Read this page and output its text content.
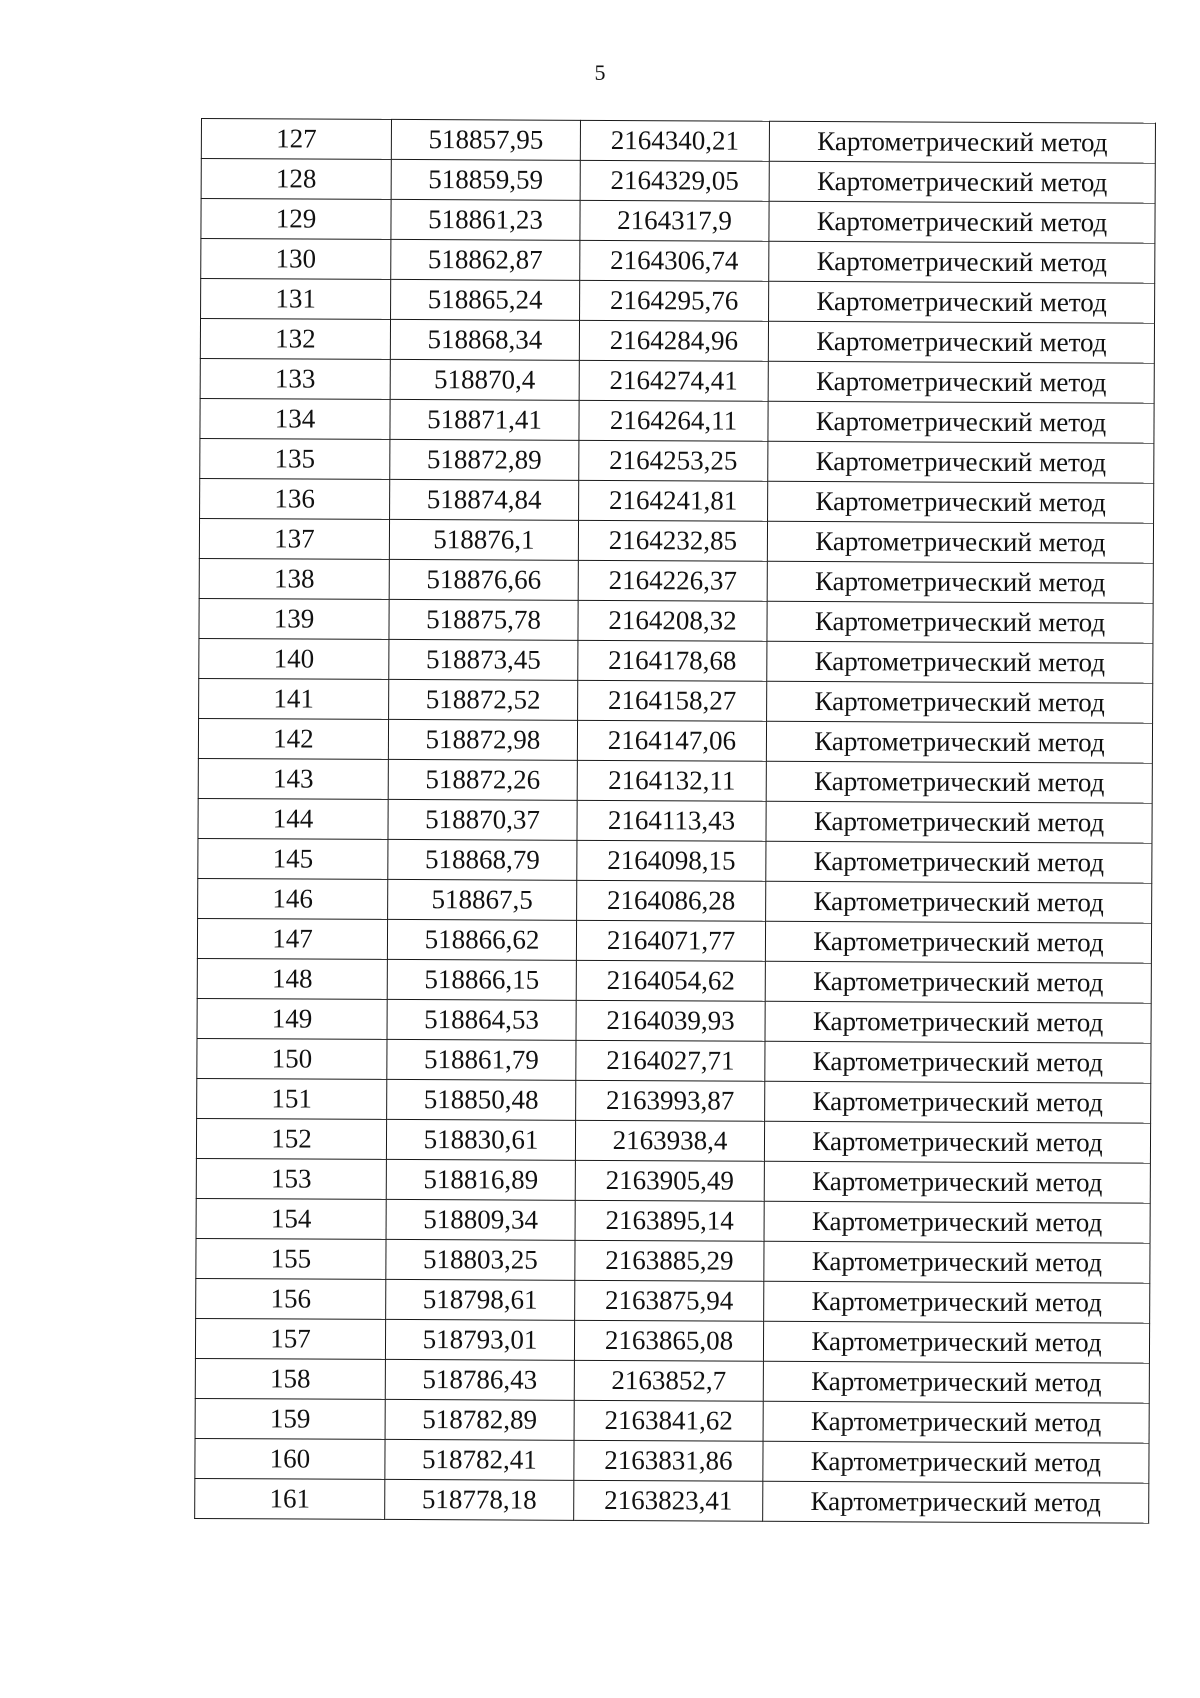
5
127	518857,95	2164340,21	Картометрический метод
128	518859,59	2164329,05	Картометрический метод
129	518861,23	2164317,9	Картометрический метод
130	518862,87	2164306,74	Картометрический метод
131	518865,24	2164295,76	Картометрический метод
132	518868,34	2164284,96	Картометрический метод
133	518870,4	2164274,41	Картометрический метод
134	518871,41	2164264,11	Картометрический метод
135	518872,89	2164253,25	Картометрический метод
136	518874,84	2164241,81	Картометрический метод
137	518876,1	2164232,85	Картометрический метод
138	518876,66	2164226,37	Картометрический метод
139	518875,78	2164208,32	Картометрический метод
140	518873,45	2164178,68	Картометрический метод
141	518872,52	2164158,27	Картометрический метод
142	518872,98	2164147,06	Картометрический метод
143	518872,26	2164132,11	Картометрический метод
144	518870,37	2164113,43	Картометрический метод
145	518868,79	2164098,15	Картометрический метод
146	518867,5	2164086,28	Картометрический метод
147	518866,62	2164071,77	Картометрический метод
148	518866,15	2164054,62	Картометрический метод
149	518864,53	2164039,93	Картометрический метод
150	518861,79	2164027,71	Картометрический метод
151	518850,48	2163993,87	Картометрический метод
152	518830,61	2163938,4	Картометрический метод
153	518816,89	2163905,49	Картометрический метод
154	518809,34	2163895,14	Картометрический метод
155	518803,25	2163885,29	Картометрический метод
156	518798,61	2163875,94	Картометрический метод
157	518793,01	2163865,08	Картометрический метод
158	518786,43	2163852,7	Картометрический метод
159	518782,89	2163841,62	Картометрический метод
160	518782,41	2163831,86	Картометрический метод
161	518778,18	2163823,41	Картометрический метод
